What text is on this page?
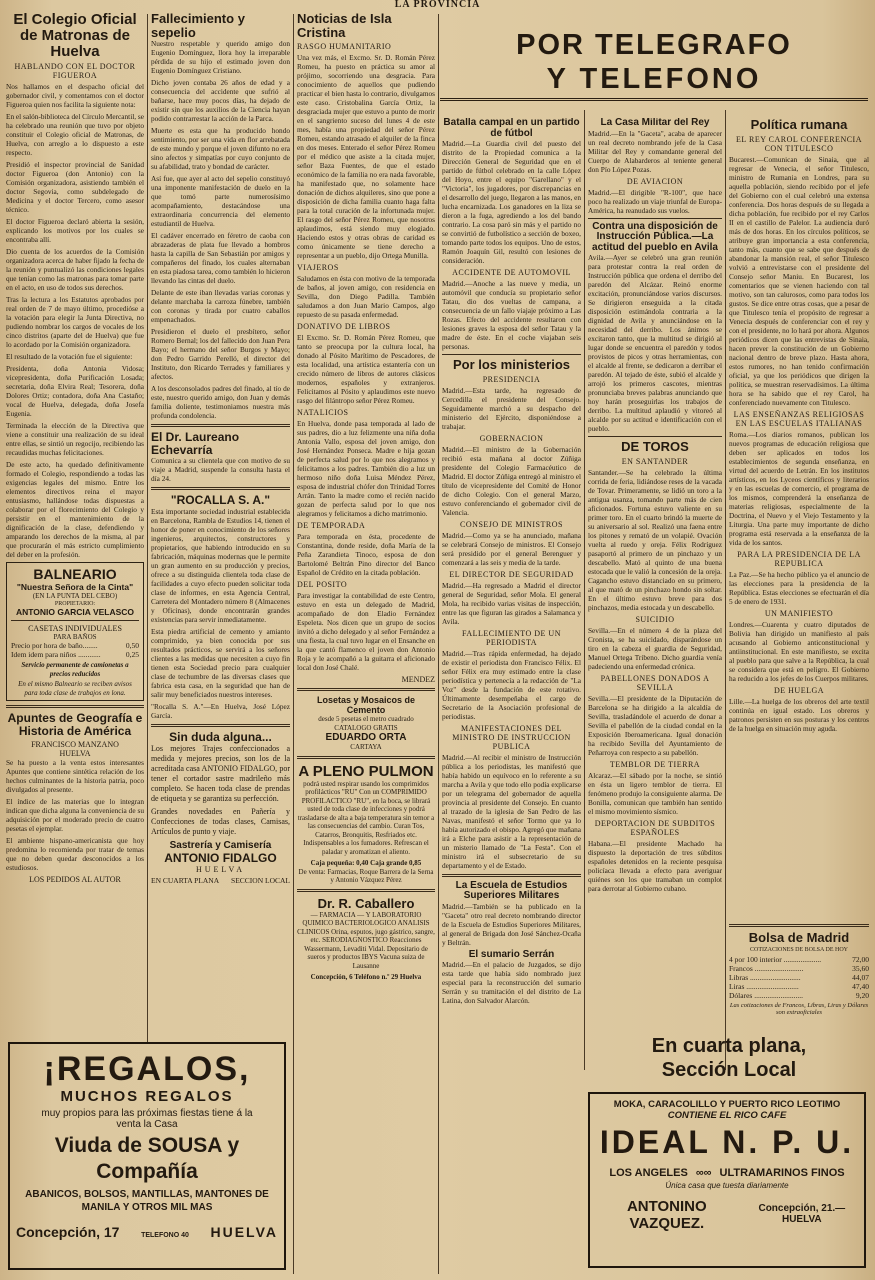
LA PROVINCIA
POR TELEGRAFO
Y TELEFONO
El Colegio Oficial de Matronas de Huelva
HABLANDO CON EL DOCTOR FIGUEROA

Nos hallamos en el despacho oficial del gobernador civil, y comentamos con el doctor Figueroa quien nos facilita la siguiente nota:

En el salón-biblioteca del Círculo Mercantil, se ha celebrado una reunión que tuvo por objeto constituir el Colegio oficial de Matronas, de Huelva, con arreglo a lo dispuesto a este respecto.

Presidió el inspector provincial de Sanidad doctor Figueroa (don Antonio) con la Comisión organizadora, asistiendo también el doctor Segovia, como subdelegado de Medicina y el doctor Tercero, como asesor técnico.

El doctor Figueroa declaró abierta la sesión, explicando los motivos por los cuales se encontraba allí.

Dio cuenta de los acuerdos de la Comisión organizadora acerca de haber fijado la fecha de la reunión y puntualizó las condiciones legales que tenían como las matronas para tomar parte en el acto, en uso de todos sus derechos.

Tras la lectura a los Estatutos aprobados por real orden de 7 de mayo último, procedióse a la votación para elegir la Junta Directiva, no pudiendo nombrar los cargos de vocales de los cinco distritos (aparte del de Huelva) que fue lo acordado por la Comisión organizadora.

El resultado de la votación fue el siguiente:

Presidenta, doña Antonia Vidosa; vicepresidenta, doña Purificación Losada; secretaria, doña Elvira Real; Tesorera, doña Dolores Ortiz; contadora, doña Ana Castaño; vocal de Huelva, delegada, doña Josefa Eugenia.

Terminada la elección de la Directiva que viene a constituir una realización de su ideal entre ellas, se sintió un regocijo, recibiendo las recaudidas muchas felicitaciones.

De este acto, ha quedado definitivamente formado el Colegio, respondiendo a todas las exigencias legales del mismo. Entre los elementos directivos reina el mayor entusiasmo, hallándose todas dispuestas a colaborar por el florecimiento del Colegio y persistir en el mantenimiento de la dignificación de la clase, defendiendo y amparando los derechos de la misma, al par que procurarán el más estricto cumplimiento del deber en la profesión.

BALNEARIO
"Nuestra Señora de la Cinta"
(EN LA PUNTA DEL CEBO)
PROPIETARIO:
ANTONIO GARCIA VELASCO
CASETAS INDIVIDUALES
PARA BAÑOS
Precio por hora de baño........	0,50
Idem idem para niños ............	0,25
Servicio permanente de camionetas a precios reducidos
En el mismo Balneario se reciben avisos para toda clase de trabajos en lona.
Apuntes de Geografía e Historia de América
FRANCISCO MANZANO
HUELVA

Se ha puesto a la venta estos interesantes Apuntes que contiene sintética relación de los hechos culminantes de la historia patria, poco divulgados al presente.

El índice de las materias que lo integran indican que dicha alguna la conveniencia de su adquisición por el moderado precio de cuatro pesetas el ejemplar.

El ambiente hispano-americanista que hoy predomina lo recomienda por tratar de temas que no deben quedar desconocidos a los estudiosos.

LOS PEDIDOS AL AUTOR
Fallecimiento y sepelio

Nuestro respetable y querido amigo don Eugenio Domínguez, llora hoy la irreparable pérdida de su hijo el estimado joven don Eugenio Domínguez Cristiano.

Dicho joven contaba 26 años de edad y a consecuencia del accidente que sufrió al bañarse, hace muy pocos días, ha dejado de existir sin que los auxilios de la Ciencia hayan podido contrarrestar la acción de la Parca.

Muerte es esta que ha producido hondo sentimiento, por ser una vida en flor arrebatada de este mundo y porque el joven difunto no era sino afectos y simpatías por cuyo conjunto de su afabilidad, trato y bondad de carácter.

Así fue, que ayer al acto del sepelio constituyó una imponente manifestación de duelo en la que tomó parte numerosísimo acompañamiento, destacándose una extraordinaria concurrencia del elemento estudiantil de Huelva.

El cadáver encerrado en féretro de caoba con abrazaderas de plata fue llevado a hombros hasta la capilla de San Sebastián por amigos y compañeros del finado, los cuales alternaban en esta piadosa tarea, como también lo hicieron llevando las cintas del duelo.

Delante de este iban llevadas varias coronas y delante marchaba la carroza fúnebre, también con coronas y tirada por cuatro caballos empenachados.

Presidieron el duelo el presbítero, señor Romero Bernal; los del fallecido don Juan Pera Bayo; el hermano del señor Burgos y Mayo; don Pedro Garrido Perelló, el director del Instituto, don Ricardo Terrades y familiares y afectos.

A los desconsolados padres del finado, al tío de este, nuestro querido amigo, don Juan y demás familia doliente, testimoniamos nuestra más profunda condolencia.

El Dr. Laureano Echevarría

Comunica a su clientela que con motivo de su viaje a Madrid, suspende la consulta hasta el día 24.

"ROCALLA S. A."

Esta importante sociedad industrial establecida en Barcelona, Rambla de Estudios 14, tienen el honor de poner en conocimiento de los señores ingenieros, arquitectos, constructores y propietarios, que habiendo introducido en su fabricación, máquinas modernas que le permite un gran aumento en su producción y precios, ofrece a su distinguida clientela toda clase de facilidades a cuyo efecto pueden solicitar toda clase de informes, en esta Agencia Central, Carretera del Montadero número 8 (Almacenes y Oficinas), donde encontrarán grandes existencias para servir inmediatamente.

Esta piedra artificial de cemento y amianto comprimido, ya bien conocida por sus resultados prácticos, se servirá a los señores clientes a las medidas que necesiten a cuyo fin tienen esta Sociedad precio para cualquier clase de techumbre de las diversas clases que fabrica esta casa, en la seguridad que han de salir muy beneficiados nuestros intereses.

"Rocalla S. A."—En Huelva, José López García.

Sin duda alguna...

Los mejores Trajes confeccionados a medida y mejores precios, son los de la acreditada casa ANTONIO FIDALGO, por tener el cortador sastre madrileño más completo. Se hacen toda clase de prendas de etiqueta y se garantiza su perfección.

Grandes novedades en Pañería y Confecciones de todas clases, Camisas, Artículos de punto y viaje.

Sastrería y Camisería
ANTONIO FIDALGO
HUELVA
EN CUARTA PLANA SECCION LOCAL
Noticias de Isla Cristina
RASGO HUMANITARIO

Una vez más, el Excmo. Sr. D. Román Pérez Romeu, ha puesto en práctica su amor al prójimo, socorriendo una desgracia. Para conocimiento de aquellos que pudiendo practicar el bien hasta lo contrario, divulgamos este caso. Cristobalina García Ortiz, la desgraciada mujer que estuvo a punto de morir en el sangriento suceso del lunes 4 de este mes, había una propiedad del señor Pérez Romeu, estando atrasado el alquiler de la finca en dos meses. Enterado el señor Pérez Romeu por el médico que asiste a la citada mujer, señor Baza Fuentes, de que el estado económico de la familia no era nada favorable, ha manifestado que, no solamente hace donación de dichos alquileres, sino que pone a disposición de dicha familia cuanto haga falta para la total curación de la infortunada mujer. El rasgo del señor Pérez Romeu, que nosotros aplaudimos, está siendo muy elogiado. Haciendo estos y otras obras de caridad es como únicamente se tiene derecho a representar a un pueblo, dijo Ortega Munilla.

VIAJEROS

Saludamos en ésta con motivo de la temporada de baños, al joven amigo, con residencia en Sevilla, don Diego Padilla. También saludamos a don Juan Mario Campos, algo repuesto de su pasada enfermedad.

DONATIVO DE LIBROS

El Excmo. Sr. D. Román Pérez Romeu, que tanto se preocupa por la cultura local, ha donado al Pósito Marítimo de Pescadores, de esta localidad, una artística estantería con un crecido número de libros de autores clásicos modernos, españoles y extranjeros. Felicitamos al Pósito y aplaudimos este nuevo rasgo del filántropo señor Pérez Romeu.

NATALICIOS

En Huelva, donde pasa temporada al lado de sus padres, dio a luz felizmente una niña doña Antonia Vallo, esposa del joven amigo, don José Hernández Ponseca. Madre e hija gozan de perfecta salud por lo que nos alegramos y felicitamos a los padres. También dio a luz un hermoso niño doña Luisa Méndez Pérez, esposa de industrial chófer don Trinidad Torres Arrán. Tanto la madre como el recién nacido gozan de perfecta salud por lo que nos alegramos y felicitamos a dicho matrimonio.

DE TEMPORADA

Para temporada en ésta, procedente de Constantina, donde reside, doña María de la Peña Zarandieta Tinoco, esposa de don Bartolomé Beltrán Pino director del Banco Español de Crédito en la citada población.

DEL POSITO

Para investigar la contabilidad de este Centro, estuvo en esta un delegado de Madrid, acompañado de don Eladio Fernández Espeleta. Nos dicen que un grupo de socios invitó a dicho delegado y al señor Fernández a una fiesta, la cual tuvo lugar en el Ensanche en la que cantó flamenco el joven don Antonio Roja y le acompañó a la guitarra el aficionado local don José Chalé.

MENDEZ
Losetas y Mosaicos de Cemento
desde 5 pesetas el metro cuadrado
CATALOGO GRATIS
EDUARDO ORTA
CARTAYA
A PLENO PULMON

podrá usted respirar usando los comprimidos profilácticos "RU" Con un COMPRIMIDO PROFILACTICO "RU", en la boca, se librará usted de toda clase de infecciones y podrá trasladarse de alta a baja temperatura sin temor a las consecuencias del cambio. Curan Tos, Catarros, Bronquitis, Resfriados etc. Indispensables a los fumadores. Refrescan el paladar y aromatizan el aliento.

Caja pequeña: 0,40 Caja grande 0,85
De venta: Farmacias, Roque Barrera de la Serna y Antonio Vázquez Pérez
Dr. R. Caballero

— FARMACIA — Y LABORATORIO QUIMICO BACTERIOLOGICO ANALISIS CLINICOS Orina, esputos, jugo gástrico, sangre, etc. SERODIAGNOSTICO Reacciones Wassermann, Levaditi Vidal. Depositario de sueros y productos IBYS Vacuna suiza de Lausanne

Concepción, 6 Teléfono n.º 29 Huelva
Batalla campal en un partido de fútbol

Madrid.—La Guardia civil del puesto del distrito de la Propiedad comunica a la Dirección General de Seguridad que en el partido de fútbol celebrado en la calle López del Hoyo, entre el equipo "Garellano" y el "Victoria", los jugadores, por discrepancias en el desarrollo del juego, llegaron a las manos, en lucha encarnizada. Los ganadores en la liza se dieron a la fuga, agrediendo a los del bando contrario. La cosa paró sin más y el partido no se convirtió de futbolístico a sección de boxeo, tomando parte todos los equipos. Uno de estos, Ramón Joaquín Gil, resultó con lesiones de consideración.

ACCIDENTE DE AUTOMOVIL

Madrid.—Anoche a las nueve y media, un automóvil que conducía su propietario señor Tatau, dio dos vueltas de campana, a consecuencia de un fallo viajaje próximo a Las Rozas. Efecto del accidente resultaron con lesiones graves la esposa del señor Tatau y la madre de éste. En el coche viajaban seis personas.

Por los ministerios
PRESIDENCIA

Madrid.—Esta tarde, ha regresado de Cercedilla el presidente del Consejo. Seguidamente marchó a su despacho del ministerio del Ejército, disponiéndose a trabajar.

GOBERNACION

Madrid.—El ministro de la Gobernación recibió esta mañana al doctor Zúñiga presidente del Colegio Farmacéutico de Madrid. El doctor Zúñiga entregó al ministro el título de vicepresidente del Comité de Honor de dicho Colegio. Con el general Marzo, estuvo conferenciando el gobernador civil de Valencia.

CONSEJO DE MINISTROS

Madrid.—Como ya se ha anunciado, mañana se celebrará Consejo de ministros. El Consejo será presidido por el general Berenguer y comenzará a las seis y media de la tarde.

EL DIRECTOR DE SEGURIDAD

Madrid.—Ha regresado a Madrid el director general de Seguridad, señor Mola. El general Mola, ha recibido varias visitas de inspección, entre las que figuran las girados a Salamanca y Avila.

FALLECIMIENTO DE UN PERIODISTA

Madrid.—Tras rápida enfermedad, ha dejado de existir el periodista don Francisco Félix. El señor Félix era muy estimado entre la clase periodística y pertenecía a la redacción de "La Voz" desde la fundación de este rotativo. Últimamente desempeñaba el cargo de Secretario de la Asociación profesional de periodistas.

MANIFESTACIONES DEL MINISTRO DE INSTRUCCION PUBLICA

Madrid.—Al recibir el ministro de Instrucción pública a los periodistas, les manifestó que había habido un equívoco en lo referente a su marcha a Avila y que todo ello podía explicarse por un telegrama del gobernador de aquella provincia al presidente del Consejo. En cuanto al trazado de la iglesia de San Pedro de las Navas, manifestó el señor Tormo que ya lo había autorizado el obispo. Agregó que mañana irá a Elche para asistir a la representación de un misterio llamado de "La Festa". Con el ministro irá el subsecretario de su departamento y el de Estado.

La Escuela de Estudios Superiores Militares

Madrid.—También se ha publicado en la "Gaceta" otro real decreto nombrando director de la Escuela de Estudios Superiores Militares, al general de Brigada don José Sánchez-Ocaña y Beltrán.

El sumario Serrán

Madrid.—En el palacio de Juzgados, se dijo esta tarde que había sido nombrado juez especial para la reconstrucción del sumario Serrán y su tramitación el del distrito de La Latina, don Salvador Alarcón.

La Casa Militar del Rey

Madrid.—En la "Gaceta", acaba de aparecer un real decreto nombrando jefe de la Casa Militar del Rey y comandante general del Cuerpo de Alabarderos al teniente general don Pío López Pozas.

DE AVIACION

Madrid.—El dirigible "R-100", que hace poco ha realizado un viaje triunfal de Europa-América, ha reanudado sus vuelos.

Contra una disposición de Instrucción Pública.—La actitud del pueblo en Avila

Avila.—Ayer se celebró una gran reunión para protestar contra la real orden de Instrucción pública que ordena el derribo del paredón del Alcázar. Reinó enorme excitación, pronunciándose varios discursos. Se dirigieron enseguida a la citada disposición estimándola contraria a la dignidad de Avila y anunciándose en la necesidad del derribo. Los ánimos se excitaron tanto, que la multitud se dirigió al lugar donde se encuentra el paredón y todos provistos de picos y otras herramientas, con el alcalde al frente, se dedicaron a derribar el paredón. Al tejado de éste, subió el alcalde y arrojó los primeros cascotes, mientras pronunciaba breves palabras anunciando que hoy harán proseguirlas los trabajos de derribo. La multitud aplaudió y vitoreó al alcalde por su actitud e identificación con el pueblo.

DE TOROS
EN SANTANDER

Santander.—Se ha celebrado la última corrida de feria, lidiándose reses de la vacada de Tovar. Primeramente, se lidió un toro a la antigua usanza, tomando parte más de cien aficionados. Fortuna estuvo valiente en su primer toro. En el cuarto brindó la muerte de su aniversario al sol. Realizó una faena entre los pitones y remató de un volapié. Ovación vuelta al ruedo y oreja. Félix Rodríguez pasaportó al primero de un pinchazo y un descabello. Mató al quinto de una buena estocada que le valió la concesión de la oreja. Cagancho estuvo distanciado en su primero, al que mató de un pinchazo hondo sin soltar. En el último estuvo breve para dos pinchazos, media estocada y un descabello.

SUICIDIO

Sevilla.—En el número 4 de la plaza del Cronista, se ha suicidado, disparándose un tiro en la cabeza el guardia de Seguridad, Manuel Ortega Tribeno. Dicho guardia venía padeciendo una enfermedad crónica.

PABELLONES DONADOS A SEVILLA

Sevilla.—El presidente de la Diputación de Barcelona se ha dirigido a la alcaldía de Sevilla, trasladándole el acuerdo de donar a Sevilla el pabellón de la ciudad condal en la Exposición Iberoamericana. Igual donación ha recibido Sevilla del Ayuntamiento de Peñarroya con respecto a su pabellón.

TEMBLOR DE TIERRA

Alcaraz.—El sábado por la noche, se sintió en ésta un ligero temblor de tierra. El fenómeno produjo la consiguiente alarma. De Bonilla, comunican que también han sentido el mismo movimiento sísmico.

DEPORTACION DE SUBDITOS ESPAÑOLES

Habana.—El presidente Machado ha dispuesto la deportación de tres súbditos españoles detenidos en la reciente pesquisa policíaca llevada a efecto para averiguar quiénes son los que tramaban un complot para derrotar al Gobierno cubano.

Política rumana
EL REY CAROL CONFERENCIA CON TITULESCO

Bucarest.—Comunican de Sinaia, que al regresar de Venecia, el señor Titulesco, ministro de Rumania en Londres, para su aquella población, siendo recibido por el jefe del Gobierno con el cual celebró una extensa conferencia. Dos horas después de su llegada a dicha población, fue recibido por el rey Carlos II en el castillo de Palelor. La audiencia duró más de dos horas. En los círculos políticos, se atribuye gran importancia a esta conferencia, tanto más, cuanto que se sabe que después de abandonar la mansión real, el señor Titulesco volvió a entrevistarse con el presidente del Consejo señor Maniu. En Bucarest, los comentarios que se vienen haciendo con tal motivo, son tan calurosos, como para todos los gustos. Se dice entre otras cosas, que a pesar de que Titulesco tenía el propósito de regresar a Venecia después de conferenciar con el rey y con el presidente, no lo hará por ahora. Algunos periódicos dicen que las entrevistas de Sinaia, hacen prever la constitución de un Gobierno nacional dentro de breve plazo. Hasta ahora, estos rumores, no han tenido confirmación oficial, ya que los periódicos que dirigen la política, se muestran reservadísimos. La última hora se ha sabido que el rey Carol, ha conferenciado nuevamente con Titulesco.

LAS ENSEÑANZAS RELIGIOSAS EN LAS ESCUELAS ITALIANAS

Roma.—Los diarios romanos, publican los nuevos programas de educación religiosa que deben ser aplicados en todos los establecimientos de segunda enseñanza, en virtud del acuerdo de Letrán. En los institutos artísticos, en los Lyceos científicos y literarios y en las escuelas de comercio, el programa de los mismos, comprenderá la enseñanza de materias religiosas, especialmente de la Doctrina, el Nuevo y el Viejo Testamento y la Liturgia. Una parte muy importante de dicho programa está reservada a la enseñanza de la vida de los santos.

PARA LA PRESIDENCIA DE LA REPUBLICA

La Paz.—Se ha hecho público ya el anuncio de las elecciones para la presidencia de la República. Estas elecciones se efectuarán el día 5 de enero de 1931.

UN MANIFIESTO

Londres.—Cuarenta y cuatro diputados de Bolivia han dirigido un manifiesto al país acusando al Gobierno anticonstitucional y antiinstitucional. En este manifiesto, se excita al pueblo para que salve a la República, la cual se considera que está en peligro. El Gobierno ha reducido a los jefes de los Cuerpos militares.

DE HUELGA

Lille.—La huelga de los obreros del arte textil continúa en igual estado. Los obreros y patronos persisten en sus posturas y los centros de la huelga en situación muy aguda.

Bolsa de Madrid
COTIZACIONES DE BOLSA DE HOY
4 por 100 interior ....................	72,00
Francos ..........................	35,60
Libras ...........................	44,07
Liras ............................	47,40
Dólares ..........................	9,20
Las cotizaciones de Francos, Libras, Liras y Dólares son extraoficiales
En cuarta plana,
Sección Local
¡REGALOS,
MUCHOS REGALOS
muy propios para las próximas fiestas tiene á la
venta la Casa
Viuda de SOUSA y Compañía
ABANICOS, BOLSOS, MANTILLAS, MANTONES DE MANILA Y OTROS MIL MAS
Concepción, 17	TELEFONO 40 HUELVA
MOKA, CARACOLILLO Y PUERTO RICO LEOTIMO
CONTIENE EL RICO CAFE
IDEAL N. P. U.
LOS ANGELES ∞∞ ULTRAMARINOS FINOS
Única casa que tuesta diariamente
ANTONINO VAZQUEZ.
Concepción, 21.—HUELVA
